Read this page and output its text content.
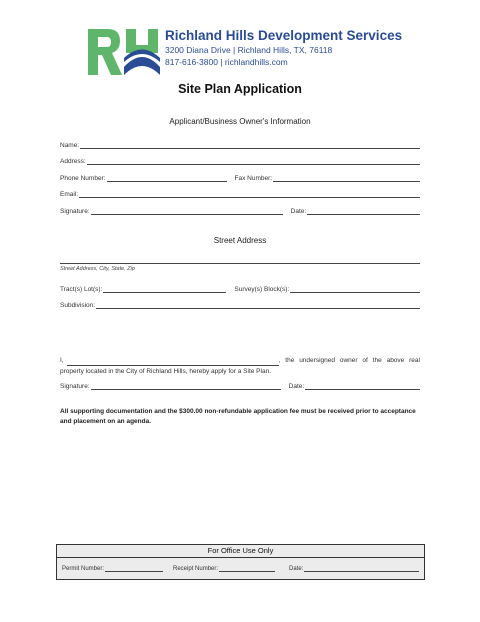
Richland Hills Development Services
3200 Diana Drive | Richland Hills, TX, 76118
817-616-3800 | richlandhills.com
Site Plan Application
Applicant/Business Owner's Information
Name:
Address:
Phone Number:	Fax Number:
Email:
Signature:	Date:
Street Address
Street Address, City, State, Zip
Tract(s) Lot(s):	Survey(s) Block(s):
Subdivision:
I,	, the undersigned owner of the above real
property located in the City of Richland Hills, hereby apply for a Site Plan.
Signature:	Date:
All supporting documentation and the $300.00 non-refundable application fee must be received prior to acceptance and placement on an agenda.
For Office Use Only
Permit Number:	Receipt Number:	Date:
